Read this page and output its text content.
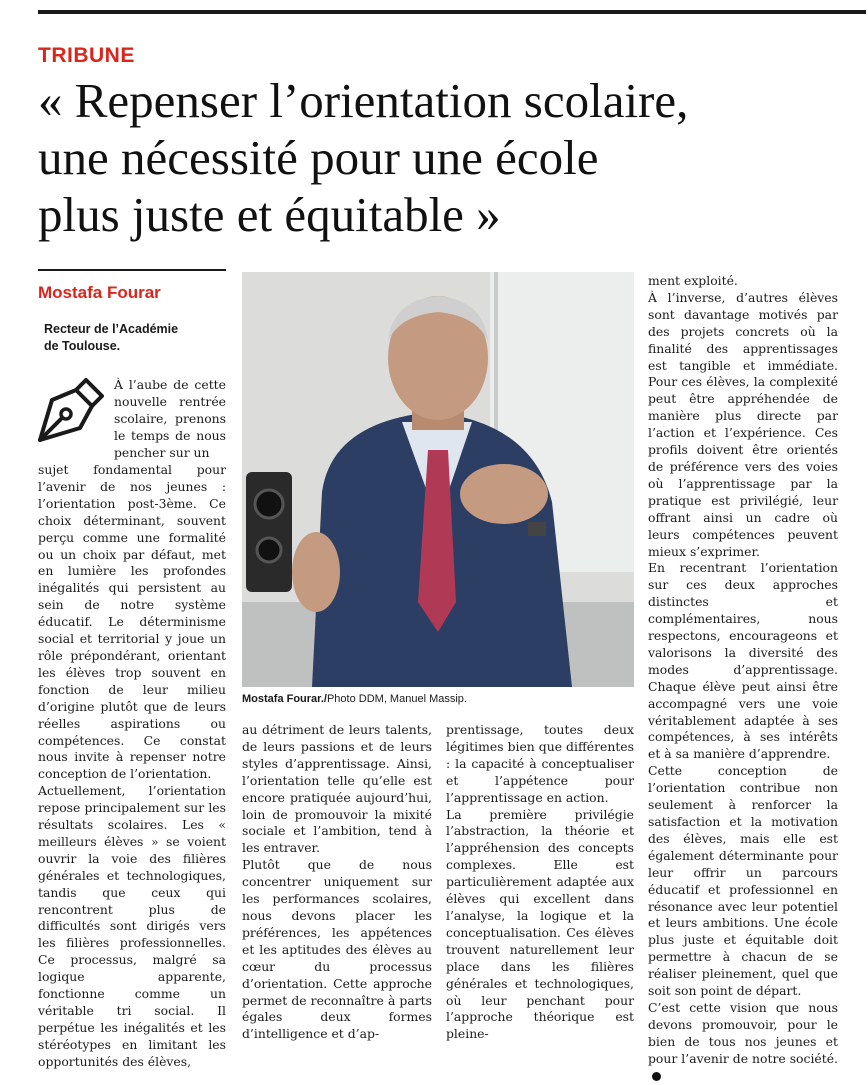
TRIBUNE
« Repenser l’orientation scolaire,
une nécessité pour une école
plus juste et équitable »
Mostafa Fourar
Recteur de l’Académie
de Toulouse.

À l’aube de cette nouvelle rentrée scolaire, prenons le temps de nous pencher sur un

sujet fondamental pour l’avenir de nos jeunes : l’orientation post-3ème. Ce choix déterminant, souvent perçu comme une formalité ou un choix par défaut, met en lumière les profondes inégalités qui persistent au sein de notre système éducatif. Le déterminisme social et territorial y joue un rôle prépondérant, orientant les élèves trop souvent en fonction de leur milieu d’origine plutôt que de leurs réelles aspirations ou compétences. Ce constat nous invite à repenser notre conception de l’orientation.

Actuellement, l’orientation repose principalement sur les résultats scolaires. Les « meilleurs élèves » se voient ouvrir la voie des filières générales et technologiques, tandis que ceux qui rencontrent plus de difficultés sont dirigés vers les filières professionnelles. Ce processus, malgré sa logique apparente, fonctionne comme un véritable tri social. Il perpétue les inégalités et les stéréotypes en limitant les opportunités des élèves,

Mostafa Fourar./Photo DDM, Manuel Massip.

au détriment de leurs talents, de leurs passions et de leurs styles d’apprentissage. Ainsi, l’orientation telle qu’elle est encore pratiquée aujourd’hui, loin de promouvoir la mixité sociale et l’ambition, tend à les entraver.

Plutôt que de nous concentrer uniquement sur les performances scolaires, nous devons placer les préférences, les appétences et les aptitudes des élèves au cœur du processus d’orientation. Cette approche permet de reconnaître à parts égales deux formes d’intelligence et d’ap-

prentissage, toutes deux légitimes bien que différentes : la capacité à conceptualiser et l’appétence pour l’apprentissage en action.

La première privilégie l’abstraction, la théorie et l’appréhension des concepts complexes. Elle est particulièrement adaptée aux élèves qui excellent dans l’analyse, la logique et la conceptualisation. Ces élèves trouvent naturellement leur place dans les filières générales et technologiques, où leur penchant pour l’approche théorique est pleine-

ment exploité.

À l’inverse, d’autres élèves sont davantage motivés par des projets concrets où la finalité des apprentissages est tangible et immédiate. Pour ces élèves, la complexité peut être appréhendée de manière plus directe par l’action et l’expérience. Ces profils doivent être orientés de préférence vers des voies où l’apprentissage par la pratique est privilégié, leur offrant ainsi un cadre où leurs compétences peuvent mieux s’exprimer.

En recentrant l’orientation sur ces deux approches distinctes et complémentaires, nous respectons, encourageons et valorisons la diversité des modes d’apprentissage. Chaque élève peut ainsi être accompagné vers une voie véritablement adaptée à ses compétences, à ses intérêts et à sa manière d’apprendre.

Cette conception de l’orientation contribue non seulement à renforcer la satisfaction et la motivation des élèves, mais elle est également déterminante pour leur offrir un parcours éducatif et professionnel en résonance avec leur potentiel et leurs ambitions. Une école plus juste et équitable doit permettre à chacun de se réaliser pleinement, quel que soit son point de départ.

C’est cette vision que nous devons promouvoir, pour le bien de tous nos jeunes et pour l’avenir de notre société.
